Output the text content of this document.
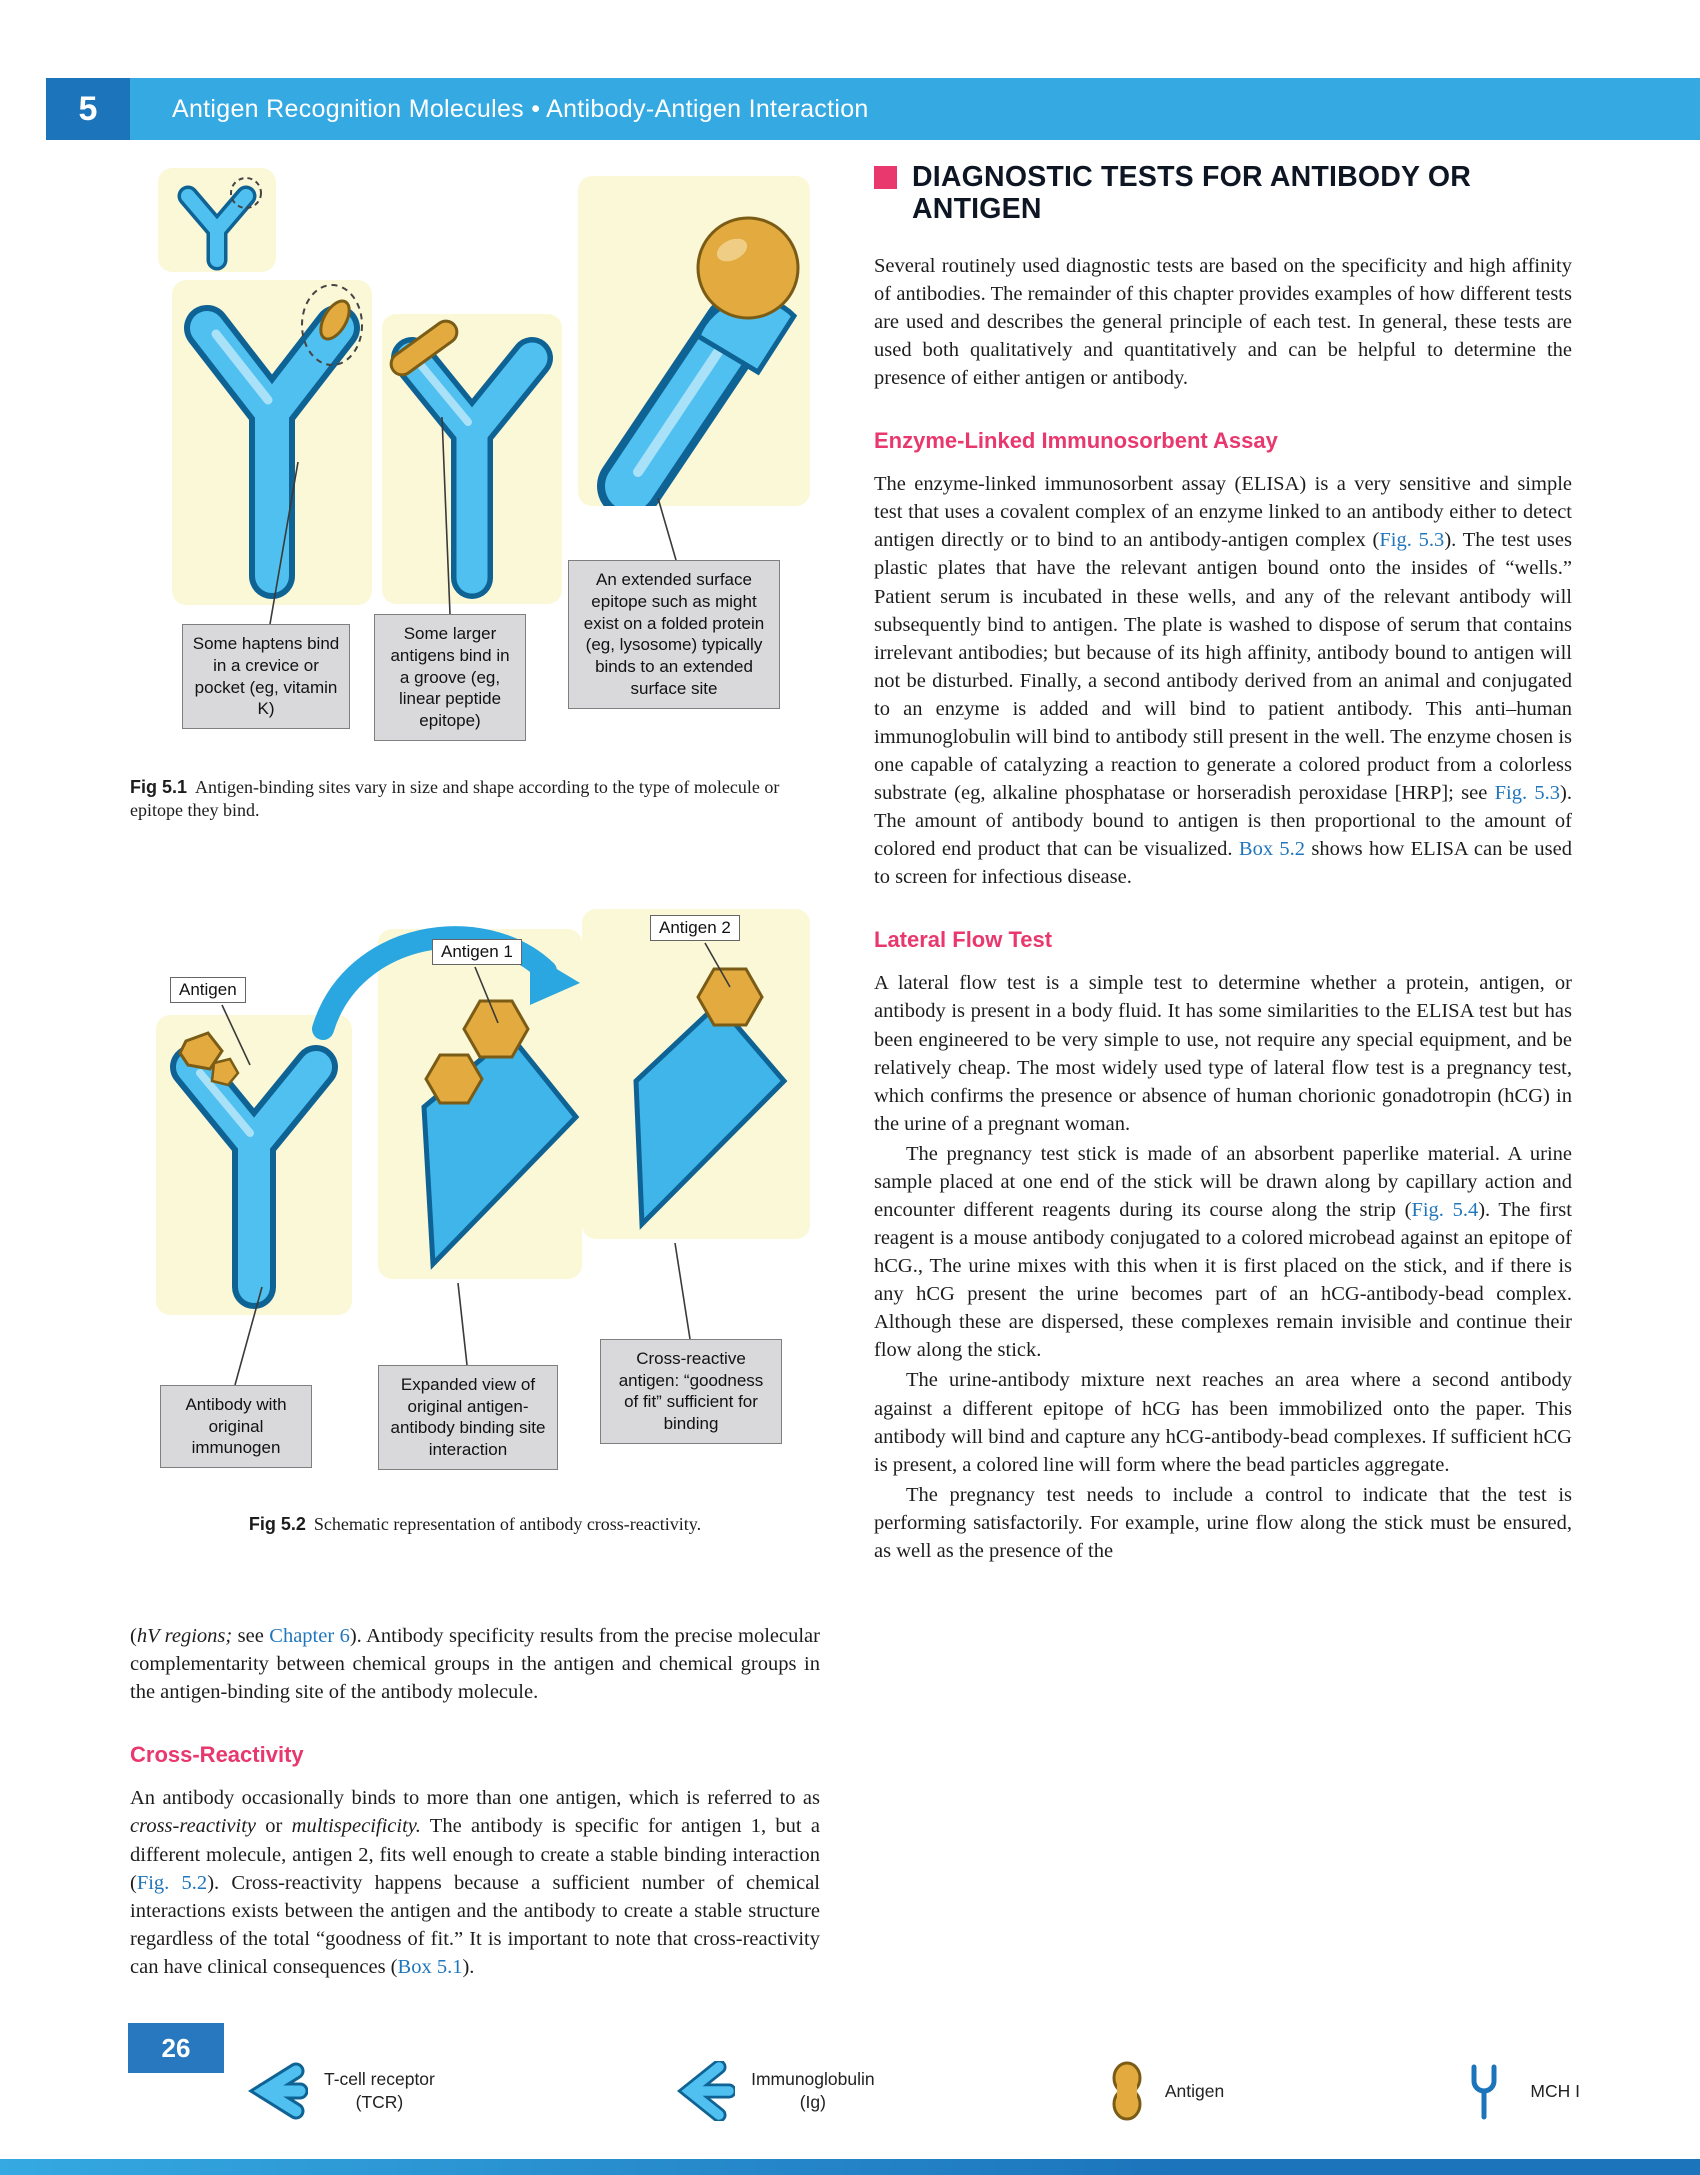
5	Antigen Recognition Molecules • Antibody-Antigen Interaction
Some haptens bind in a crevice or pocket (eg, vitamin K)
Some larger antigens bind in a groove (eg, linear peptide epitope)
An extended surface epitope such as might exist on a folded protein (eg, lysosome) typically binds to an extended surface site

Fig 5.1 Antigen-binding sites vary in size and shape according to the type of molecule or epitope they bind.

Antigen
Antigen 1
Antigen 2
Antibody with original immunogen
Expanded view of original antigen-antibody binding site interaction
Cross-reactive antigen: “goodness of fit” sufficient for binding

Fig 5.2 Schematic representation of antibody cross-reactivity.

(hV regions; see Chapter 6). Antibody specificity results from the precise molecular complementarity between chemical groups in the antigen and chemical groups in the antigen-binding site of the antibody molecule.

Cross-Reactivity

An antibody occasionally binds to more than one antigen, which is referred to as cross-reactivity or multispecificity. The antibody is specific for antigen 1, but a different molecule, antigen 2, fits well enough to create a stable binding interaction (Fig. 5.2). Cross-reactivity happens because a sufficient number of chemical interactions exists between the antigen and the antibody to create a stable structure regardless of the total “goodness of fit.” It is important to note that cross-reactivity can have clinical consequences (Box 5.1).

DIAGNOSTIC TESTS FOR ANTIBODY OR ANTIGEN

Several routinely used diagnostic tests are based on the specificity and high affinity of antibodies. The remainder of this chapter provides examples of how different tests are used and describes the general principle of each test. In general, these tests are used both qualitatively and quantitatively and can be helpful to determine the presence of either antigen or antibody.

Enzyme-Linked Immunosorbent Assay

The enzyme-linked immunosorbent assay (ELISA) is a very sensitive and simple test that uses a covalent complex of an enzyme linked to an antibody either to detect antigen directly or to bind to an antibody-antigen complex (Fig. 5.3). The test uses plastic plates that have the relevant antigen bound onto the insides of “wells.” Patient serum is incubated in these wells, and any of the relevant antibody will subsequently bind to antigen. The plate is washed to dispose of serum that contains irrelevant antibodies; but because of its high affinity, antibody bound to antigen will not be disturbed. Finally, a second antibody derived from an animal and conjugated to an enzyme is added and will bind to patient antibody. This anti–human immunoglobulin will bind to antibody still present in the well. The enzyme chosen is one capable of catalyzing a reaction to generate a colored product from a colorless substrate (eg, alkaline phosphatase or horseradish peroxidase [HRP]; see Fig. 5.3). The amount of antibody bound to antigen is then proportional to the amount of colored end product that can be visualized. Box 5.2 shows how ELISA can be used to screen for infectious disease.

Lateral Flow Test

A lateral flow test is a simple test to determine whether a protein, antigen, or antibody is present in a body fluid. It has some similarities to the ELISA test but has been engineered to be very simple to use, not require any special equipment, and be relatively cheap. The most widely used type of lateral flow test is a pregnancy test, which confirms the presence or absence of human chorionic gonadotropin (hCG) in the urine of a pregnant woman.

The pregnancy test stick is made of an absorbent paperlike material. A urine sample placed at one end of the stick will be drawn along by capillary action and encounter different reagents during its course along the strip (Fig. 5.4). The first reagent is a mouse antibody conjugated to a colored microbead against an epitope of hCG., The urine mixes with this when it is first placed on the stick, and if there is any hCG present the urine becomes part of an hCG-antibody-bead complex. Although these are dispersed, these complexes remain invisible and continue their flow along the stick.

The urine-antibody mixture next reaches an area where a second antibody against a different epitope of hCG has been immobilized onto the paper. This antibody will bind and capture any hCG-antibody-bead complexes. If sufficient hCG is present, a colored line will form where the bead particles aggregate.

The pregnancy test needs to include a control to indicate that the test is performing satisfactorily. For example, urine flow along the stick must be ensured, as well as the presence of the

26
T-cell receptor
(TCR)
Immunoglobulin
(Ig)
Antigen	MCH I
